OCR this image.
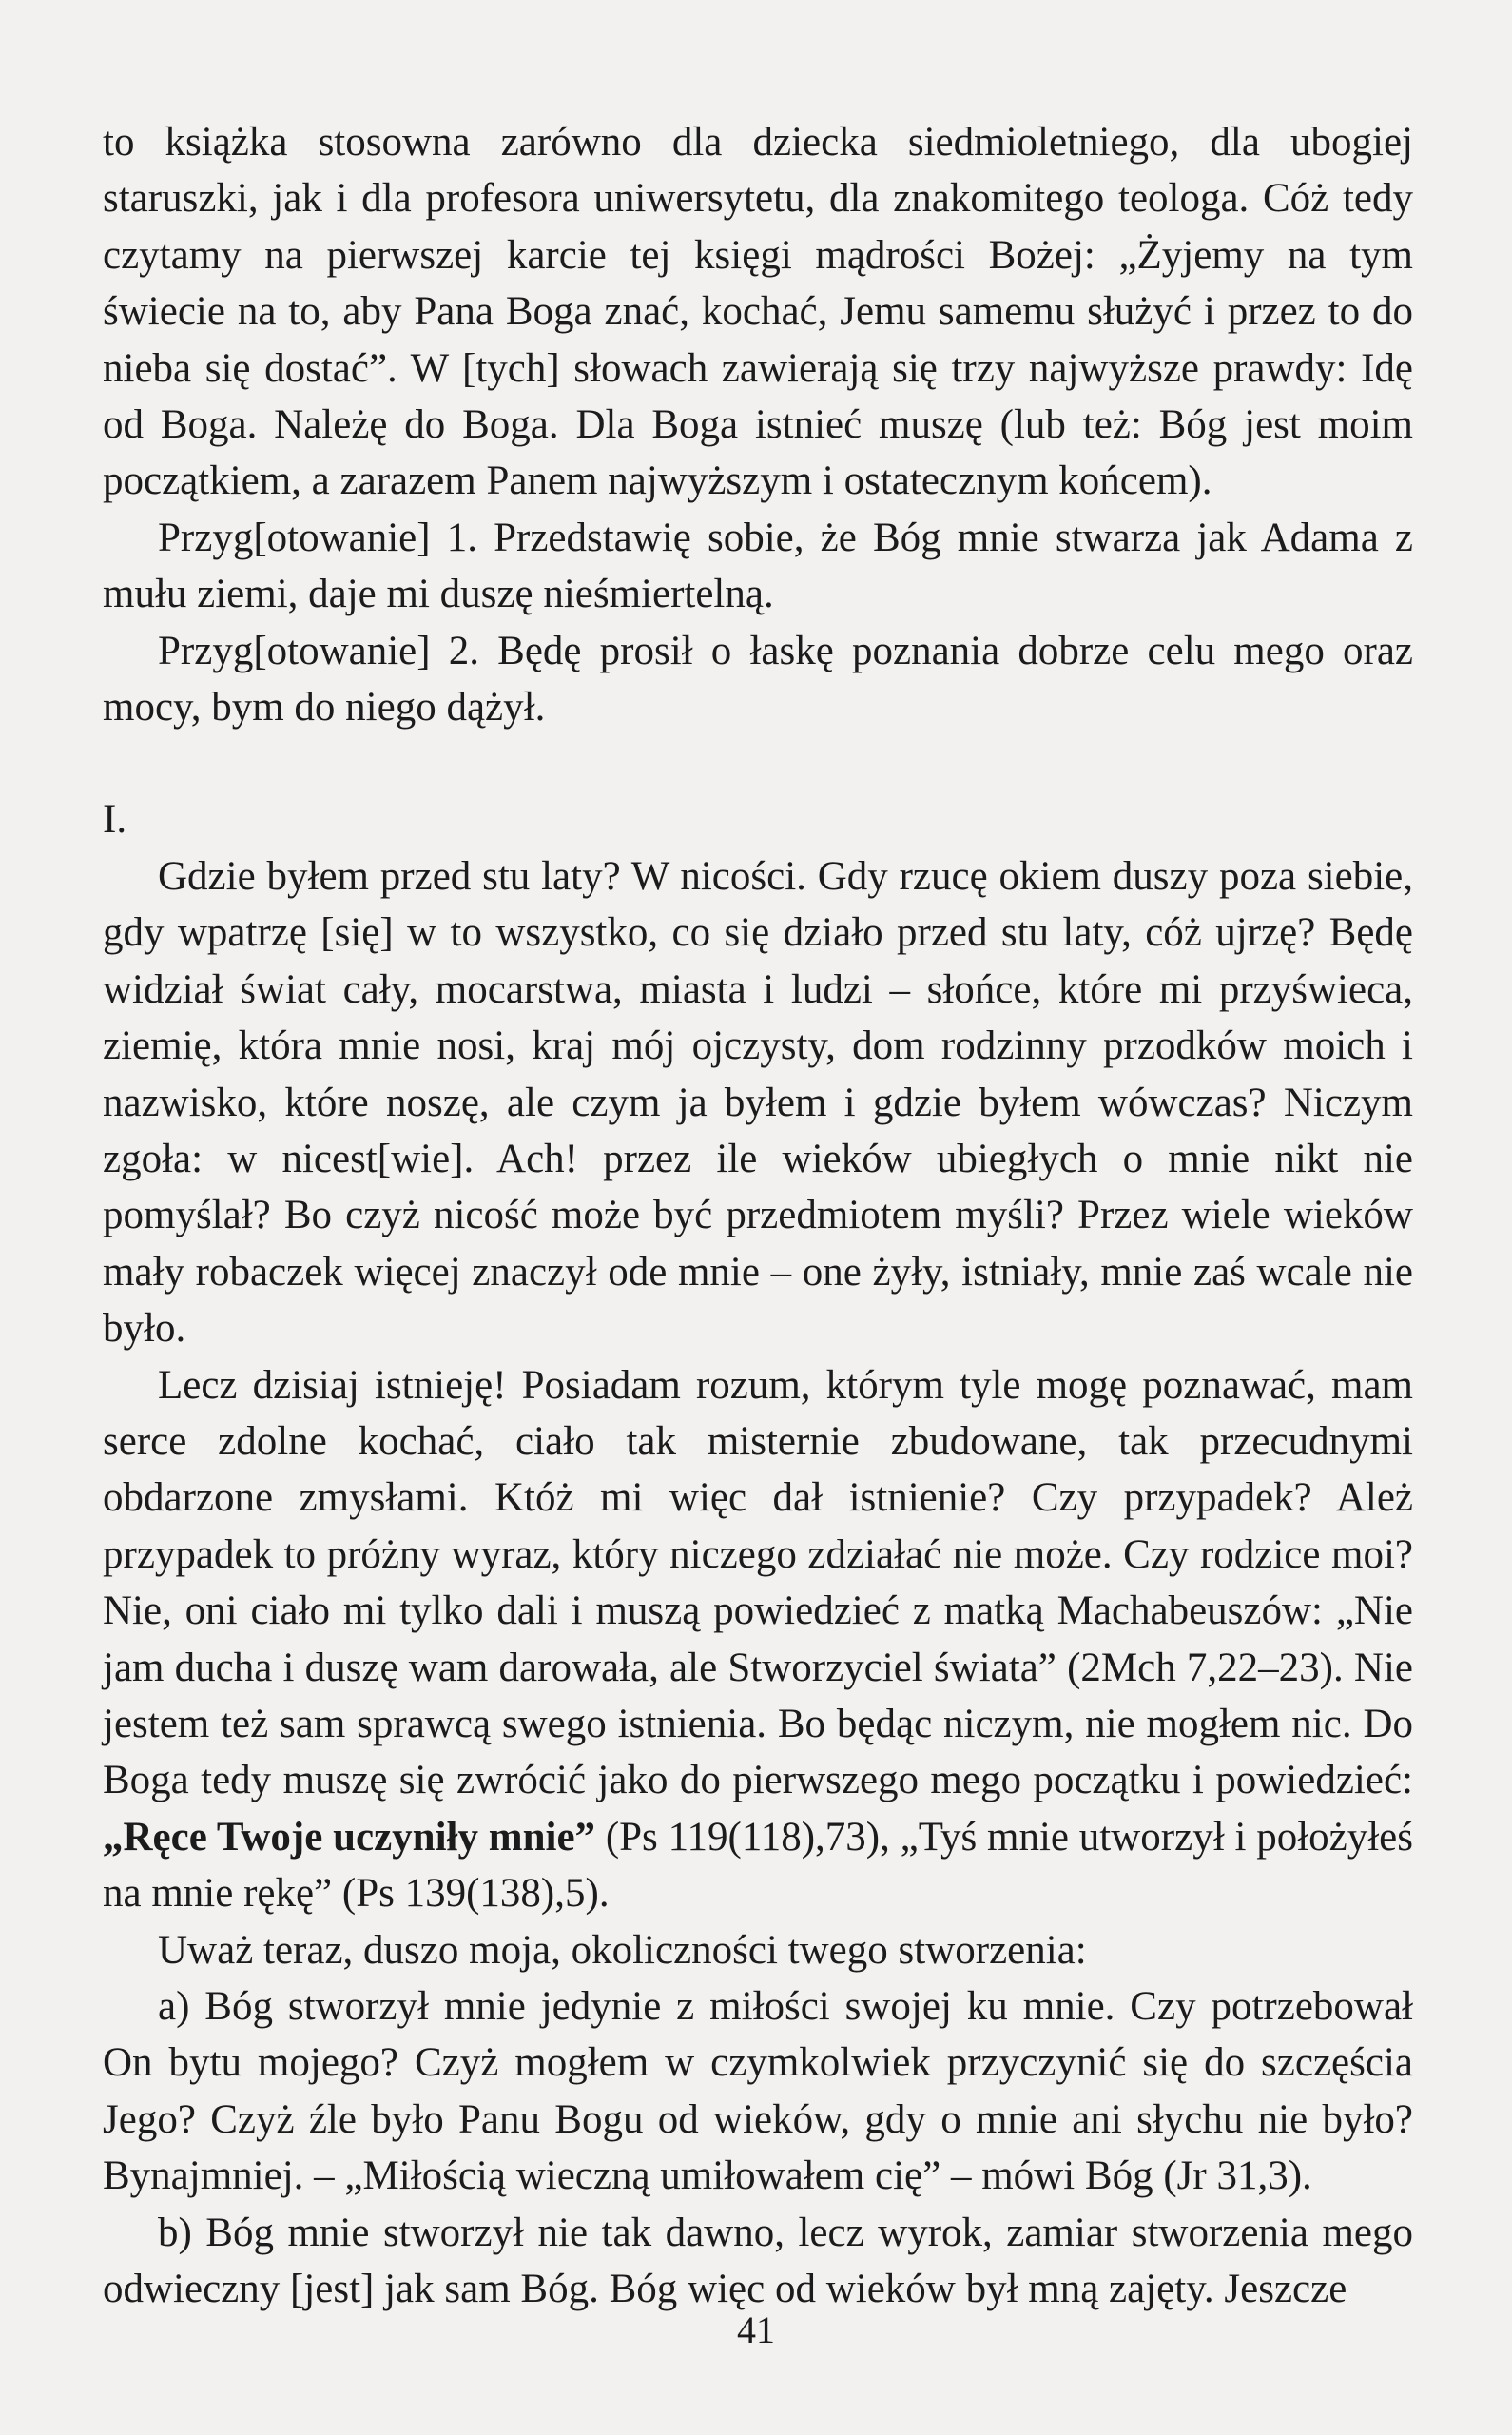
to książka stosowna zarówno dla dziecka siedmioletniego, dla ubogiej staruszki, jak i dla profesora uniwersytetu, dla znakomitego teologa. Cóż tedy czytamy na pierwszej karcie tej księgi mądrości Bożej: „Żyjemy na tym świecie na to, aby Pana Boga znać, kochać, Jemu samemu służyć i przez to do nieba się dostać”. W [tych] słowach zawierają się trzy najwyższe prawdy: Idę od Boga. Należę do Boga. Dla Boga istnieć muszę (lub też: Bóg jest moim początkiem, a zarazem Panem najwyższym i ostatecznym końcem).

Przyg[otowanie] 1. Przedstawię sobie, że Bóg mnie stwarza jak Adama z mułu ziemi, daje mi duszę nieśmiertelną.

Przyg[otowanie] 2. Będę prosił o łaskę poznania dobrze celu mego oraz mocy, bym do niego dążył.

I.

Gdzie byłem przed stu laty? W nicości. Gdy rzucę okiem duszy poza siebie, gdy wpatrzę [się] w to wszystko, co się działo przed stu laty, cóż ujrzę? Będę widział świat cały, mocarstwa, miasta i ludzi – słońce, które mi przyświeca, ziemię, która mnie nosi, kraj mój ojczysty, dom rodzinny przodków moich i nazwisko, które noszę, ale czym ja byłem i gdzie byłem wówczas? Niczym zgoła: w nicest[wie]. Ach! przez ile wieków ubiegłych o mnie nikt nie pomyślał? Bo czyż nicość może być przedmiotem myśli? Przez wiele wieków mały robaczek więcej znaczył ode mnie – one żyły, istniały, mnie zaś wcale nie było.

Lecz dzisiaj istnieję! Posiadam rozum, którym tyle mogę poznawać, mam serce zdolne kochać, ciało tak misternie zbudowane, tak przecudnymi obdarzone zmysłami. Któż mi więc dał istnienie? Czy przypadek? Ależ przypadek to próżny wyraz, który niczego zdziałać nie może. Czy rodzice moi? Nie, oni ciało mi tylko dali i muszą powiedzieć z matką Machabeuszów: „Nie jam ducha i duszę wam darowała, ale Stworzyciel świata” (2Mch 7,22–23). Nie jestem też sam sprawcą swego istnienia. Bo będąc niczym, nie mogłem nic. Do Boga tedy muszę się zwrócić jako do pierwszego mego początku i powiedzieć: „Ręce Twoje uczyniły mnie” (Ps 119(118),73), „Tyś mnie utworzył i położyłeś na mnie rękę” (Ps 139(138),5).

Uważ teraz, duszo moja, okoliczności twego stworzenia:

a) Bóg stworzył mnie jedynie z miłości swojej ku mnie. Czy potrzebował On bytu mojego? Czyż mogłem w czymkolwiek przyczynić się do szczęścia Jego? Czyż źle było Panu Bogu od wieków, gdy o mnie ani słychu nie było? Bynajmniej. – „Miłością wieczną umiłowałem cię” – mówi Bóg (Jr 31,3).

b) Bóg mnie stworzył nie tak dawno, lecz wyrok, zamiar stworzenia mego odwieczny [jest] jak sam Bóg. Bóg więc od wieków był mną zajęty. Jeszcze

41
